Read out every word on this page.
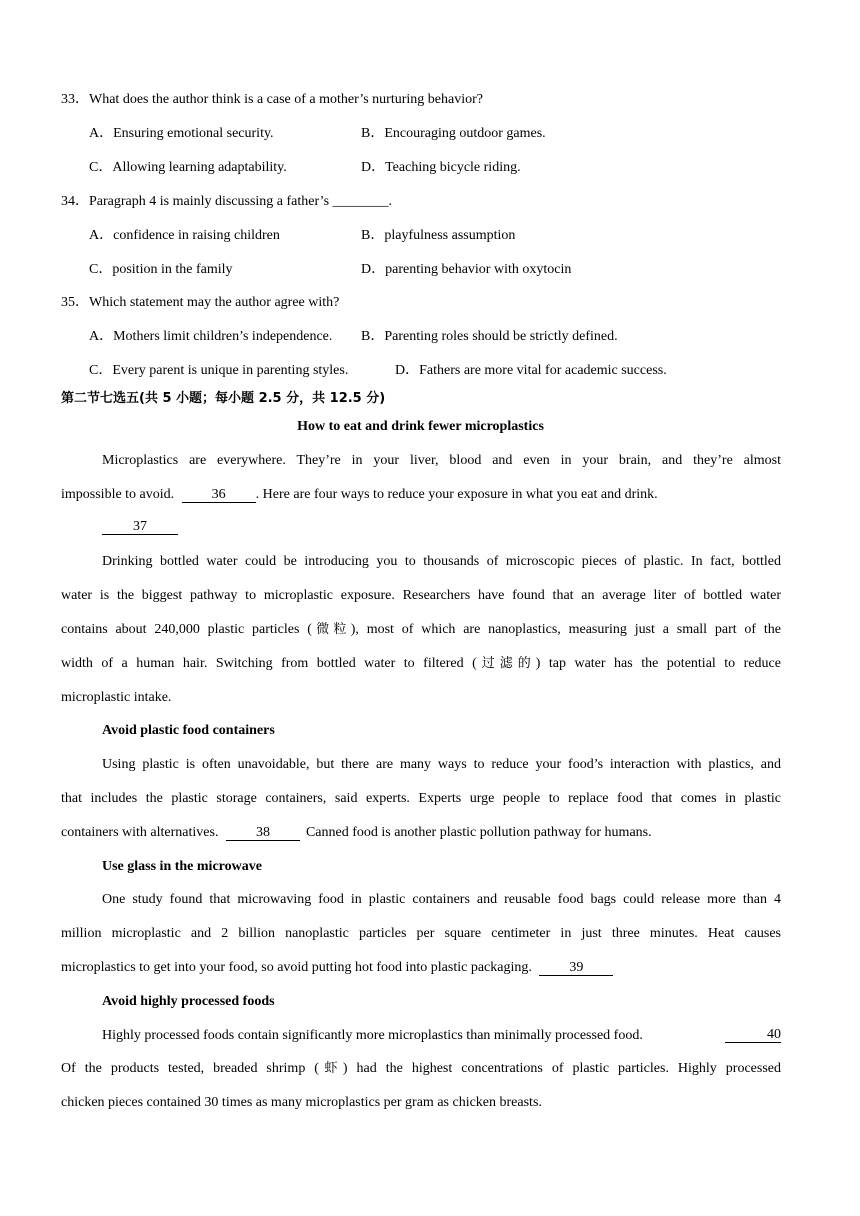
33．What does the author think is a case of a mother’s nurturing behavior?
A．Ensuring emotional security.	B．Encouraging outdoor games.
C．Allowing learning adaptability.	D．Teaching bicycle riding.
34．Paragraph 4 is mainly discussing a father’s ________.
A．confidence in raising children	B．playfulness assumption
C．position in the family	D．parenting behavior with oxytocin
35．Which statement may the author agree with?
A．Mothers limit children’s independence. B．Parenting roles should be strictly defined.
C．Every parent is unique in parenting styles.	D．Fathers are more vital for academic success.
第二节七选五(共 5 小题；每小题 2.5 分，共 12.5 分)
How to eat and drink fewer microplastics
Microplastics are everywhere. They’re in your liver, blood and even in your brain, and they’re almost
impossible to avoid.	36 . Here are four ways to reduce your exposure in what you eat and drink.
37
Drinking bottled water could be introducing you to thousands of microscopic pieces of plastic. In fact, bottled
water is the biggest pathway to microplastic exposure. Researchers have found that an average liter of bottled water
contains about 240,000 plastic particles (微粒), most of which are nanoplastics, measuring just a small part of the
width of a human hair. Switching from bottled water to filtered (过滤的) tap water has the potential to reduce
microplastic intake.
Avoid plastic food containers
Using plastic is often unavoidable, but there are many ways to reduce your food’s interaction with plastics, and
that includes the plastic storage containers, said experts. Experts urge people to replace food that comes in plastic
containers with alternatives.	38	Canned food is another plastic pollution pathway for humans.
Use glass in the microwave
One study found that microwaving food in plastic containers and reusable food bags could release more than 4
million microplastic and 2 billion nanoplastic particles per square centimeter in just three minutes. Heat causes
microplastics to get into your food, so avoid putting hot food into plastic packaging.	39
Avoid highly processed foods
Highly processed foods contain significantly more microplastics than minimally processed food.	40
Of the products tested, breaded shrimp (虾) had the highest concentrations of plastic particles. Highly processed
chicken pieces contained 30 times as many microplastics per gram as chicken breasts.
